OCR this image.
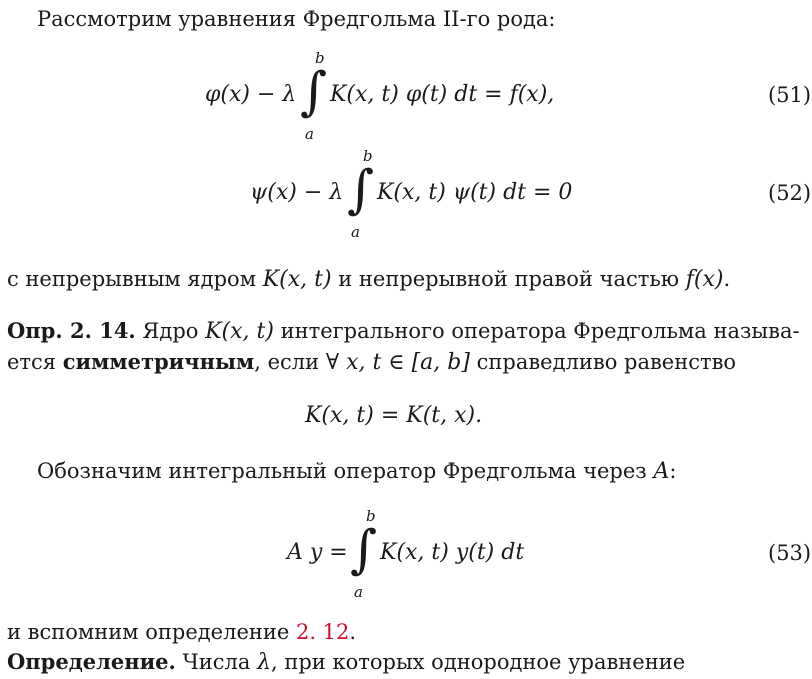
Рассмотрим уравнения Фредгольма II-го рода:
φ(x) − λ
b
∫
a
K(x, t) φ(t) dt = f(x),	(51)
ψ(x) − λ
b
∫
a
K(x, t) ψ(t) dt = 0	(52)
с непрерывным ядром K(x, t) и непрерывной правой частью f(x).
Опр. 2. 14. Ядро K(x, t) интегрального оператора Фредгольма называ-
ется симметричным, если ∀ x, t ∈ [a, b] справедливо равенство
K(x, t) = K(t, x).
Обозначим интегральный оператор Фредгольма через A:
A y =
b
∫
a
K(x, t) y(t) dt	(53)
и вспомним определение 2. 12.
Определение. Числа λ, при которых однородное уравнение
